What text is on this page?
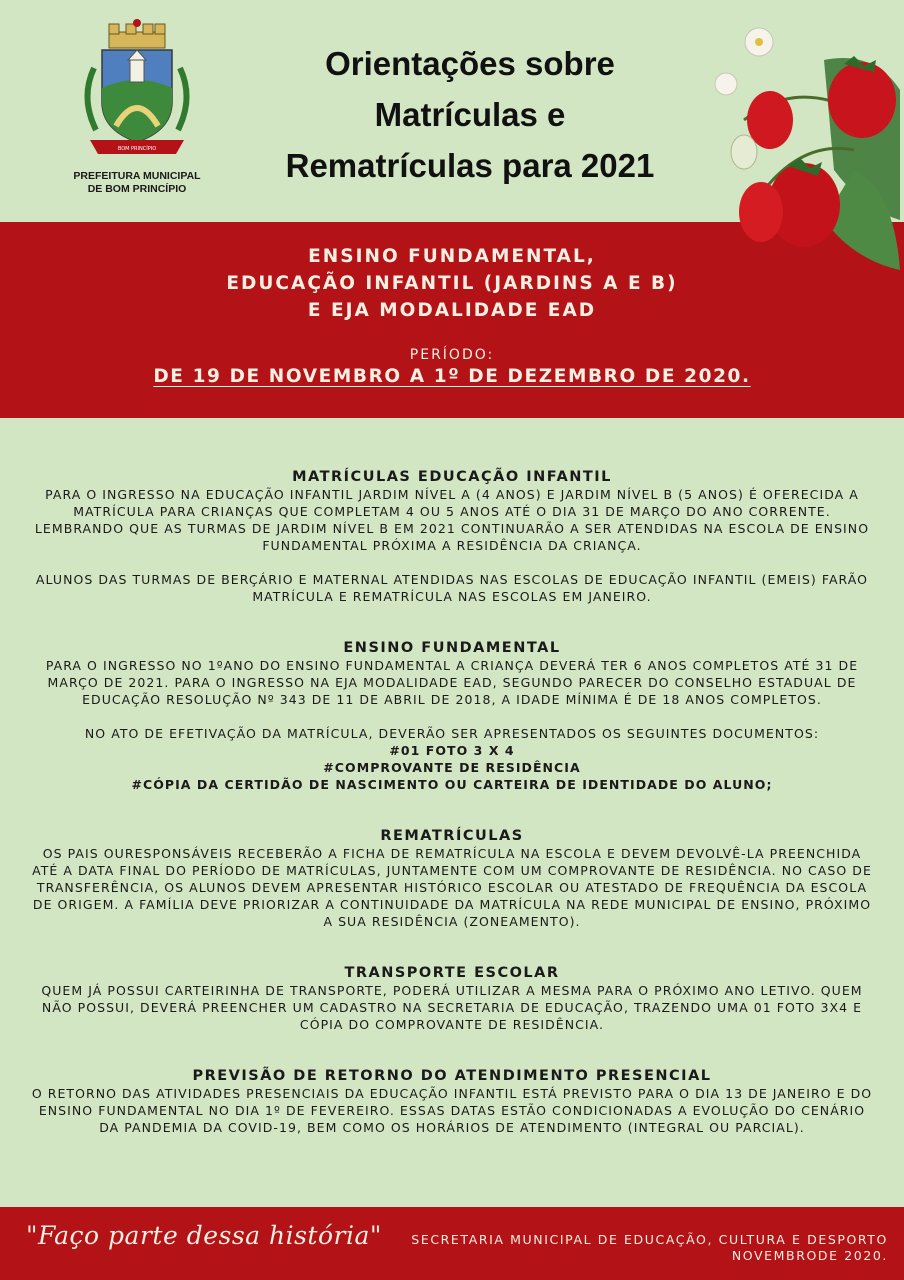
BOM PRINCÍPIO
PREFEITURA MUNICIPAL
DE BOM PRINCÍPIO
Orientações sobre
Matrículas e
Rematrículas para 2021
ENSINO FUNDAMENTAL,
EDUCAÇÃO INFANTIL (JARDINS A E B)
E EJA MODALIDADE EAD
PERÍODO:
DE 19 DE NOVEMBRO A 1º DE DEZEMBRO DE 2020.
MATRÍCULAS EDUCAÇÃO INFANTIL
PARA O INGRESSO NA EDUCAÇÃO INFANTIL JARDIM NÍVEL A (4 ANOS) E JARDIM NÍVEL B (5 ANOS) É OFERECIDA A MATRÍCULA PARA CRIANÇAS QUE COMPLETAM 4 OU 5 ANOS ATÉ O DIA 31 DE MARÇO DO ANO CORRENTE. LEMBRANDO QUE AS TURMAS DE JARDIM NÍVEL B EM 2021 CONTINUARÃO A SER ATENDIDAS NA ESCOLA DE ENSINO FUNDAMENTAL PRÓXIMA A RESIDÊNCIA DA CRIANÇA.
ALUNOS DAS TURMAS DE BERÇÁRIO E MATERNAL ATENDIDAS NAS ESCOLAS DE EDUCAÇÃO INFANTIL (EMEIS) FARÃO MATRÍCULA E REMATRÍCULA NAS ESCOLAS EM JANEIRO.
ENSINO FUNDAMENTAL
PARA O INGRESSO NO 1ºANO DO ENSINO FUNDAMENTAL A CRIANÇA DEVERÁ TER 6 ANOS COMPLETOS ATÉ 31 DE MARÇO DE 2021. PARA O INGRESSO NA EJA MODALIDADE EAD, SEGUNDO PARECER DO CONSELHO ESTADUAL DE EDUCAÇÃO RESOLUÇÃO Nº 343 DE 11 DE ABRIL DE 2018, A IDADE MÍNIMA É DE 18 ANOS COMPLETOS.
NO ATO DE EFETIVAÇÃO DA MATRÍCULA, DEVERÃO SER APRESENTADOS OS SEGUINTES DOCUMENTOS:
#01 FOTO 3 X 4
#COMPROVANTE DE RESIDÊNCIA
#CÓPIA DA CERTIDÃO DE NASCIMENTO OU CARTEIRA DE IDENTIDADE DO ALUNO;
REMATRÍCULAS
OS PAIS OURESPONSÁVEIS RECEBERÃO A FICHA DE REMATRÍCULA NA ESCOLA E DEVEM DEVOLVÊ-LA PREENCHIDA ATÉ A DATA FINAL DO PERÍODO DE MATRÍCULAS, JUNTAMENTE COM UM COMPROVANTE DE RESIDÊNCIA. NO CASO DE TRANSFERÊNCIA, OS ALUNOS DEVEM APRESENTAR HISTÓRICO ESCOLAR OU ATESTADO DE FREQUÊNCIA DA ESCOLA DE ORIGEM. A FAMÍLIA DEVE PRIORIZAR A CONTINUIDADE DA MATRÍCULA NA REDE MUNICIPAL DE ENSINO, PRÓXIMO A SUA RESIDÊNCIA (ZONEAMENTO).
TRANSPORTE ESCOLAR
QUEM JÁ POSSUI CARTEIRINHA DE TRANSPORTE, PODERÁ UTILIZAR A MESMA PARA O PRÓXIMO ANO LETIVO. QUEM NÃO POSSUI, DEVERÁ PREENCHER UM CADASTRO NA SECRETARIA DE EDUCAÇÃO, TRAZENDO UMA 01 FOTO 3X4 E CÓPIA DO COMPROVANTE DE RESIDÊNCIA.
PREVISÃO DE RETORNO DO ATENDIMENTO PRESENCIAL
O RETORNO DAS ATIVIDADES PRESENCIAIS DA EDUCAÇÃO INFANTIL ESTÁ PREVISTO PARA O DIA 13 DE JANEIRO E DO ENSINO FUNDAMENTAL NO DIA 1º DE FEVEREIRO. ESSAS DATAS ESTÃO CONDICIONADAS A EVOLUÇÃO DO CENÁRIO DA PANDEMIA DA COVID-19, BEM COMO OS HORÁRIOS DE ATENDIMENTO (INTEGRAL OU PARCIAL).
"Faço parte dessa história" SECRETARIA MUNICIPAL DE EDUCAÇÃO, CULTURA E DESPORTO
NOVEMBRODE 2020.
